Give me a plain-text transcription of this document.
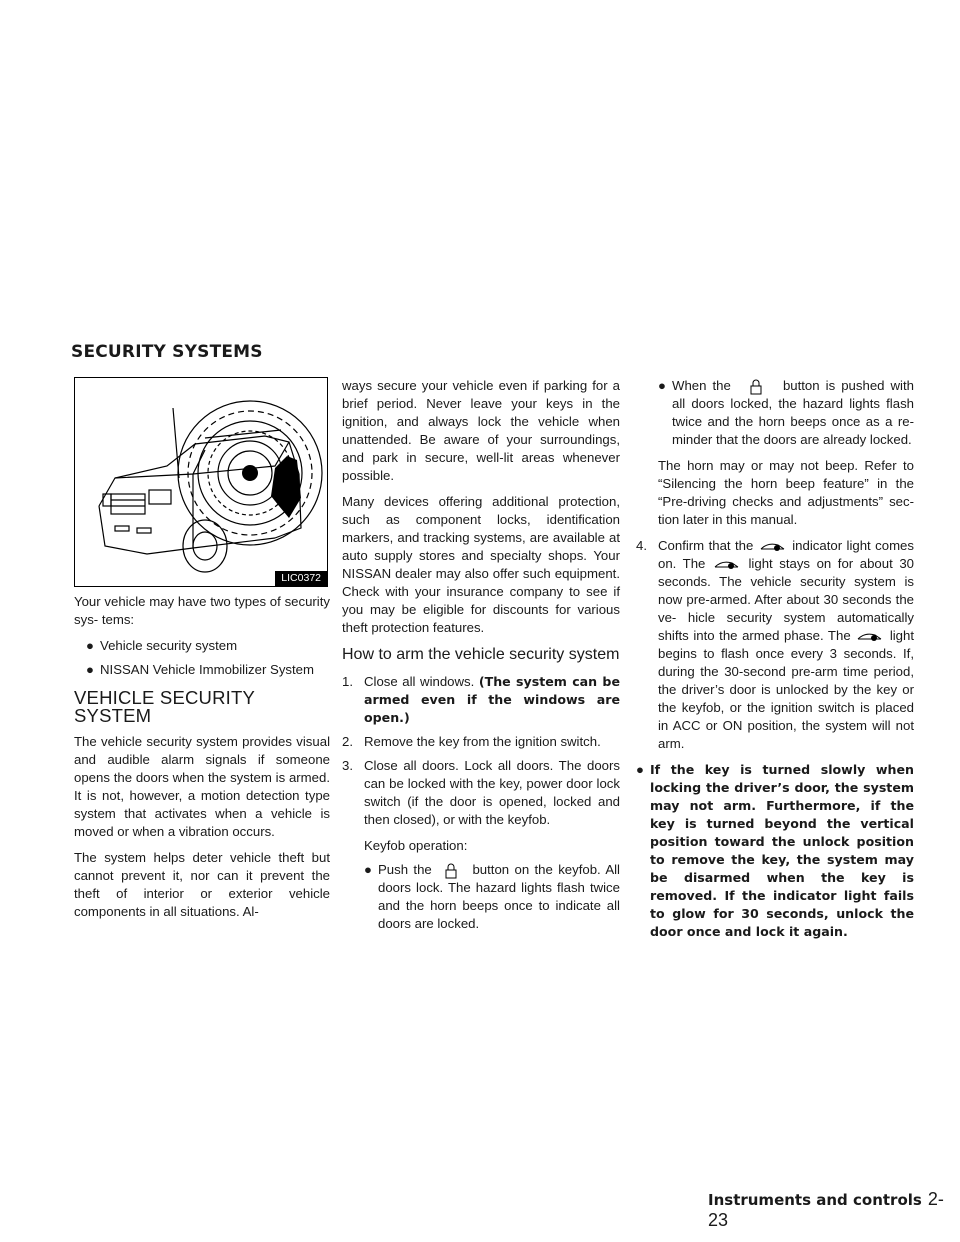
SECURITY SYSTEMS
LIC0372

Your vehicle may have two types of security sys- tems:

● Vehicle security system
● NISSAN Vehicle Immobilizer System
VEHICLE SECURITY SYSTEM

The vehicle security system provides visual and audible alarm signals if someone opens the doors when the system is armed. It is not, however, a motion detection type system that activates when a vehicle is moved or when a vibration occurs.

The system helps deter vehicle theft but cannot prevent it, nor can it prevent the theft of interior or exterior vehicle components in all situations. Al-

ways secure your vehicle even if parking for a brief period. Never leave your keys in the ignition, and always lock the vehicle when unattended. Be aware of your surroundings, and park in secure, well-lit areas whenever possible.

Many devices offering additional protection, such as component locks, identification markers, and tracking systems, are available at auto supply stores and specialty shops. Your NISSAN dealer may also offer such equipment. Check with your insurance company to see if you may be eligible for discounts for various theft protection features.

How to arm the vehicle security system
1. Close all windows. (The system can be armed even if the windows are open.)
2. Remove the key from the ignition switch.
3. Close all doors. Lock all doors. The doors can be locked with the key, power door lock switch (if the door is opened, locked and then closed), or with the keyfob.
Keyfob operation:
● Push the	button on the keyfob. All doors lock. The hazard lights flash twice and the horn beeps once to indicate all doors are locked.
● When the	button is pushed with all doors locked, the hazard lights flash twice and the horn beeps once as a re- minder that the doors are already locked.

The horn may or may not beep. Refer to “Silencing the horn beep feature” in the “Pre-driving checks and adjustments” sec- tion later in this manual.

4. Confirm that the	indicator light comes on. The	light stays on for about 30 seconds. The vehicle security system is now pre-armed. After about 30 seconds the ve- hicle security system automatically shifts into the armed phase. The	light begins to flash once every 3 seconds. If, during the 30-second pre-arm time period, the driver’s door is unlocked by the key or the keyfob, or the ignition switch is placed in ACC or ON position, the system will not arm.
● If the key is turned slowly when locking the driver’s door, the system may not arm. Furthermore, if the key is turned beyond the vertical position toward the unlock position to remove the key, the system may be disarmed when the key is removed. If the indicator light fails to glow for 30 seconds, unlock the door once and lock it again.
Instruments and controls 2-23
